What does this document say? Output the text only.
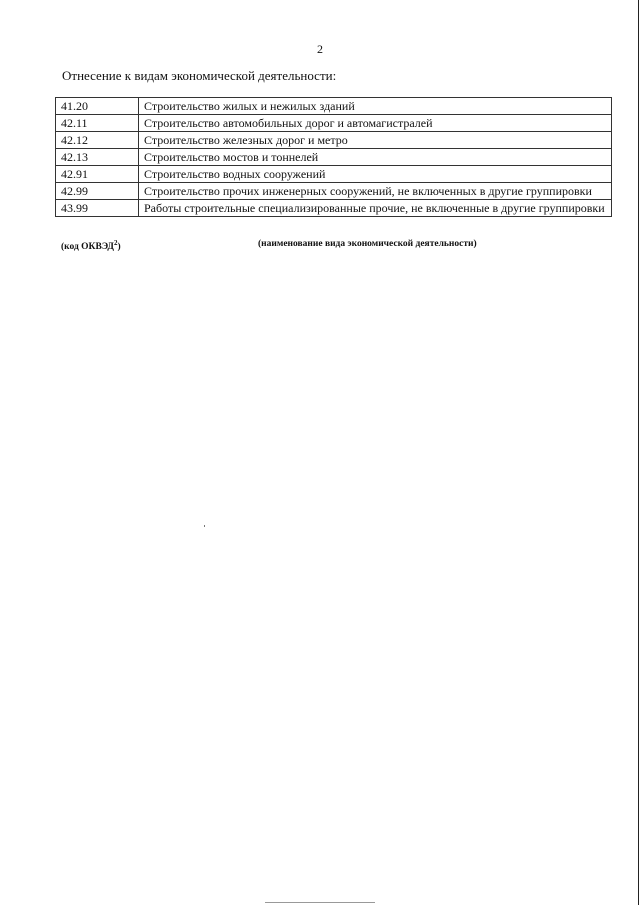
2
Отнесение к видам экономической деятельности:
41.20	Строительство жилых и нежилых зданий
42.11	Строительство автомобильных дорог и автомагистралей
42.12	Строительство железных дорог и метро
42.13	Строительство мостов и тоннелей
42.91	Строительство водных сооружений
42.99	Строительство прочих инженерных сооружений, не включенных в другие группировки
43.99	Работы строительные специализированные прочие, не включенные в другие группировки
(код ОКВЭД$^2$)	(наименование вида экономической деятельности)
